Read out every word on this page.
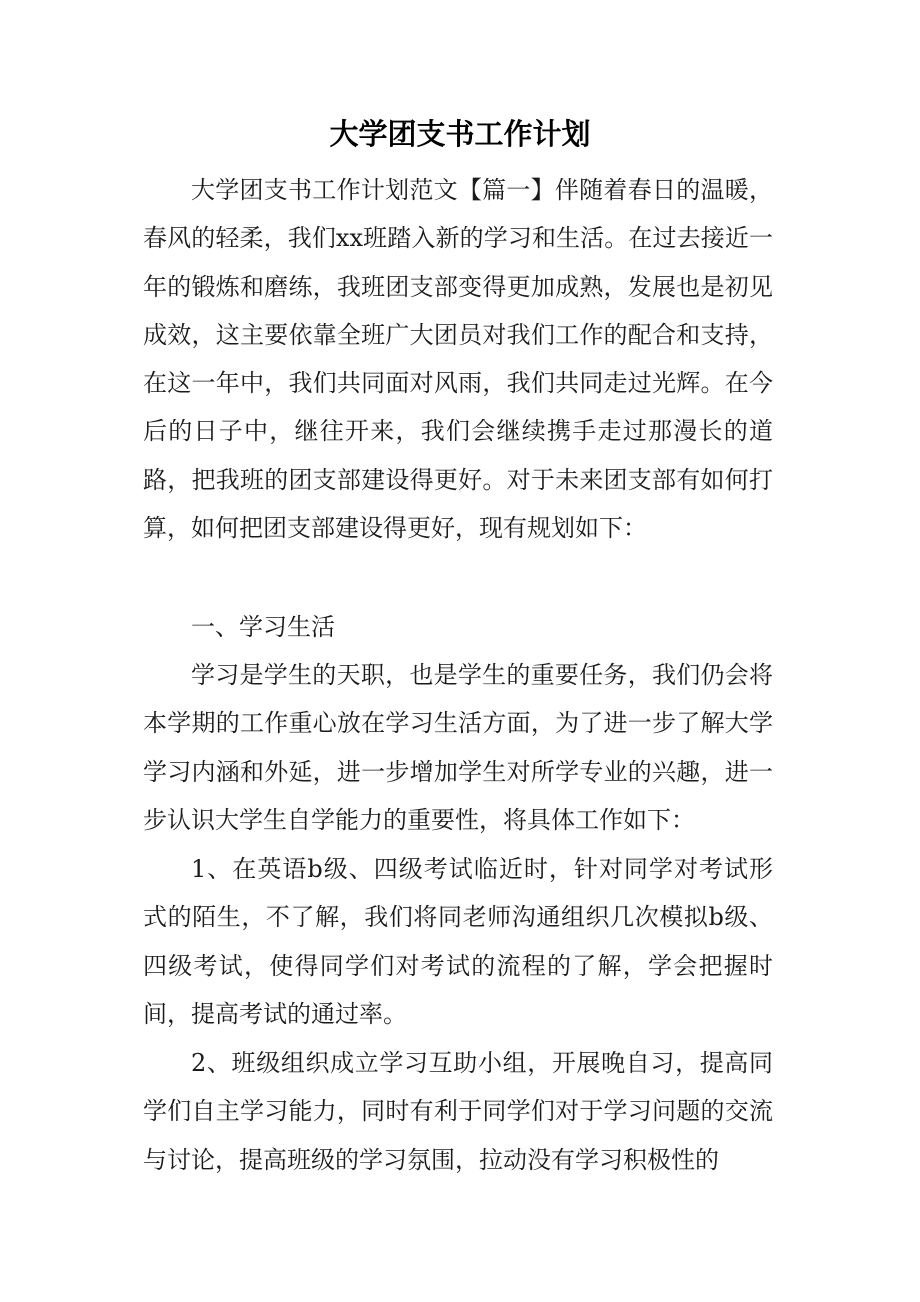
大学团支书工作计划

大学团支书工作计划范文【篇一】伴随着春日的温暖，春风的轻柔，我们xx班踏入新的学习和生活。在过去接近一年的锻炼和磨练，我班团支部变得更加成熟，发展也是初见成效，这主要依靠全班广大团员对我们工作的配合和支持，在这一年中，我们共同面对风雨，我们共同走过光辉。在今后的日子中，继往开来，我们会继续携手走过那漫长的道路，把我班的团支部建设得更好。对于未来团支部有如何打算，如何把团支部建设得更好，现有规划如下：

一、学习生活

学习是学生的天职，也是学生的重要任务，我们仍会将本学期的工作重心放在学习生活方面，为了进一步了解大学学习内涵和外延，进一步增加学生对所学专业的兴趣，进一步认识大学生自学能力的重要性，将具体工作如下：

1、在英语b级、四级考试临近时，针对同学对考试形式的陌生，不了解，我们将同老师沟通组织几次模拟b级、四级考试，使得同学们对考试的流程的了解，学会把握时间，提高考试的通过率。

2、班级组织成立学习互助小组，开展晚自习，提高同学们自主学习能力，同时有利于同学们对于学习问题的交流与讨论，提高班级的学习氛围，拉动没有学习积极性的
